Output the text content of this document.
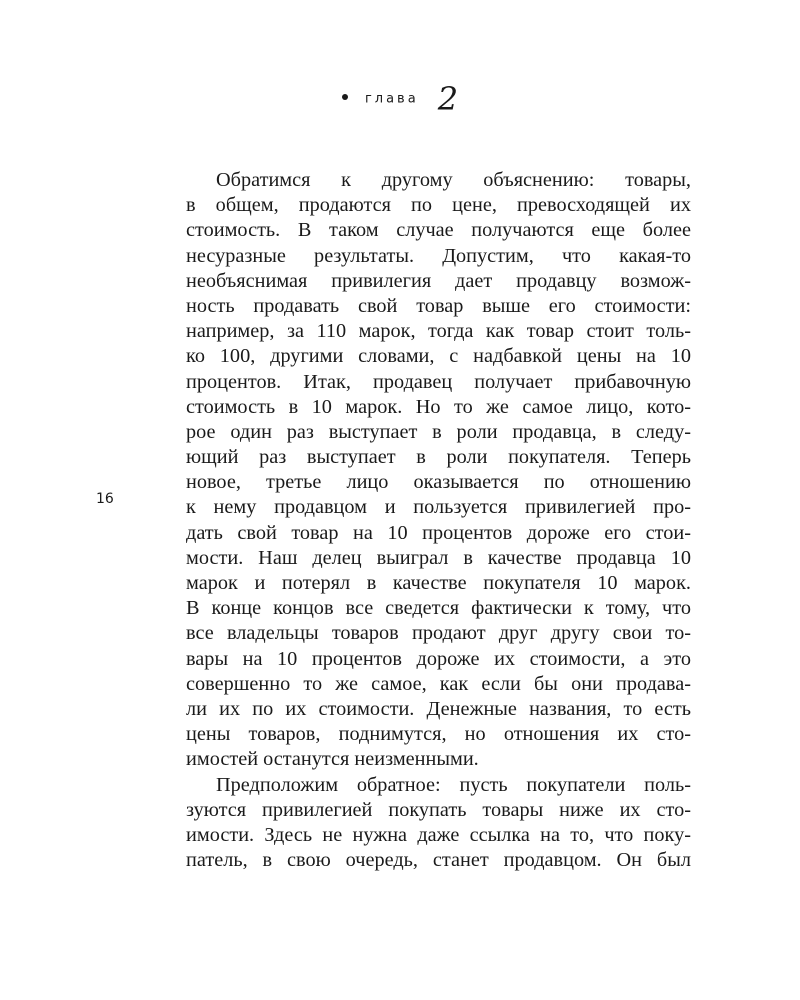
глава 2
16
Обратимся к другому объяснению: товары,
в общем, продаются по цене, превосходящей их
стоимость. В таком случае получаются еще более
несуразные результаты. Допустим, что какая-то
необъяснимая привилегия дает продавцу возмож-
ность продавать свой товар выше его стоимости:
например, за 110 марок, тогда как товар стоит толь-
ко 100, другими словами, с надбавкой цены на 10
процентов. Итак, продавец получает прибавочную
стоимость в 10 марок. Но то же самое лицо, кото-
рое один раз выступает в роли продавца, в следу-
ющий раз выступает в роли покупателя. Теперь
новое, третье лицо оказывается по отношению
к нему продавцом и пользуется привилегией про-
дать свой товар на 10 процентов дороже его стои-
мости. Наш делец выиграл в качестве продавца 10
марок и потерял в качестве покупателя 10 марок.
В конце концов все сведется фактически к тому, что
все владельцы товаров продают друг другу свои то-
вары на 10 процентов дороже их стоимости, а это
совершенно то же самое, как если бы они продава-
ли их по их стоимости. Денежные названия, то есть
цены товаров, поднимутся, но отношения их сто-
имостей останутся неизменными.
Предположим обратное: пусть покупатели поль-
зуются привилегией покупать товары ниже их сто-
имости. Здесь не нужна даже ссылка на то, что поку-
патель, в свою очередь, станет продавцом. Он был
